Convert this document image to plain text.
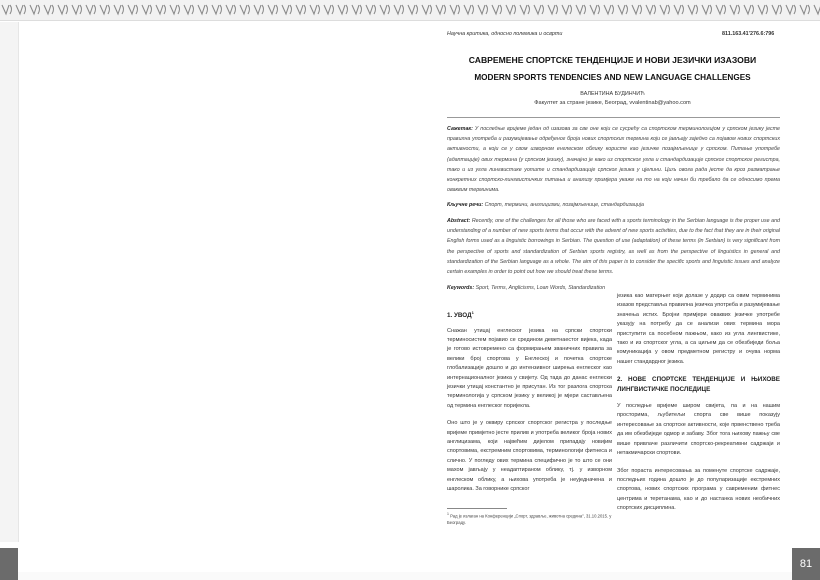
81
Научна критика, односно полемика и осврти	811.163.41'276.6:796
САВРЕМЕНЕ СПОРТСКЕ ТЕНДЕНЦИЈЕ И НОВИ ЈЕЗИЧКИ ИЗАЗОВИ
MODERN SPORTS TENDENCIES AND NEW LANGUAGE CHALLENGES
ВАЛЕНТИНА БУДИНЧИЋ
Факултет за стране језике, Београд, vvalentinab@yahoo.com
Сажетак: У последње вријеме један од изазова за све оне који се сусрећу са спортском терминологијом у српском језику јесте правилна употреба и разумијевање одређеног броја нових спортских термина који се јављају заједно са појавом нових спортских активности, а који се у свом изворном енглеском облику користе као језичке позајмљенице у српском. Питање употребе (адаптације) ових термина (у српском језику), значајно је како из спортског угла и стандардизације српског спортског регистра, тако и из угла лингвистике уопште и стандардизације српског језика у цјелини. Циљ овога рада јесте да кроз разматрање конкретних спортско-лингвистичких питања и анализу примјера укаже на то на који начин би требало да се односимо према оваквим терминима.
Кључне речи: Спорт, термини, англицизми, позајмљенице, стандардизација
Abstract: Recently, one of the challenges for all those who are faced with a sports terminology in the Serbian language is the proper use and understanding of a number of new sports terms that occur with the advent of new sports activities, due to the fact that they are in their original English forms used as a linguistic borrowings in Serbian. The question of use (adaptation) of these terms (in Serbian) is very significant from the perspective of sports and standardization of Serbian sports registry, as well as from the perspective of linguistics in general and standardization of the Serbian language as a whole. The aim of this paper is to consider the specific sports and linguistic issues and analyze certain examples in order to point out how we should treat these terms.
Keywords: Sport, Terms, Anglicisms, Loan Words, Standardization

1. УВОД$^1$

Снажан утицај енглеског језика на српски спортски терминосистем појавио се средином деветнаестог вијека, када је готово истовремено са формирањем званичних правила за велики број спортова у Енглеској и почетка спортске глобализације дошло и до интензивног ширења енглеског као интернационалног језика у свијету. Од тада до данас енглески језички утицај константно је присутан. Из тог разлога спортска терминологија у српском језику у великој је мјери састављена од термина енглеског поријекла.

Оно што је у оквиру српског спортског регистра у последње вријеме примјетно јесте прилив и употреба великог броја нових англицизама, који највећим дијелом припадају новијим спортовима, екстремним спортовима, терминологији фитнеса и слично. У погледу ових термина специфично је то што се они махом јављају у неадаптираном облику, тј. у изворном енглеском облику, а њихова употреба је неуједначена и шаролика. За говорнике српског

$^1$ Рад је излаган на Конференцији „Спорт, здравље, животна средина", 31.10.2015. у Београду.

језика као матерњег који долазе у додир са овим терминима изазов представља правилна језичка употреба и разумијевање значења истих. Бројни примјери оваквих језичке употребе указују на потребу да се анализи ових термина мора приступити са посебном пажњом, како из угла лингвистике, тако и из спортског угла, а са циљем да се обезбиједи боља комуникација у овом предметном регистру и очува норма нашег стандардног језика.

2. НОВЕ СПОРТСКЕ ТЕНДЕНЦИЈЕ И ЊИХОВЕ ЛИНГВИСТИЧКЕ ПОСЛЕДИЦЕ

У последње вријеме широм свијета, па и на нашим просторима, љубитељи спорта све више показују интересовање за спортске активности, које првенствено треба да им обезбиједе одмор и забаву. Због тога њихову пажњу све више привлаче различити спортско-рекреативни садржаји и нетакмичарски спортови.

Због пораста интересовања за поменуте спортске садржаје, последњих година дошло је до популаризације екстремних спортова, нових спортских програма у савременим фитнес центрима и теретанама, као и до настанка нових необичних спортских дисциплина.
